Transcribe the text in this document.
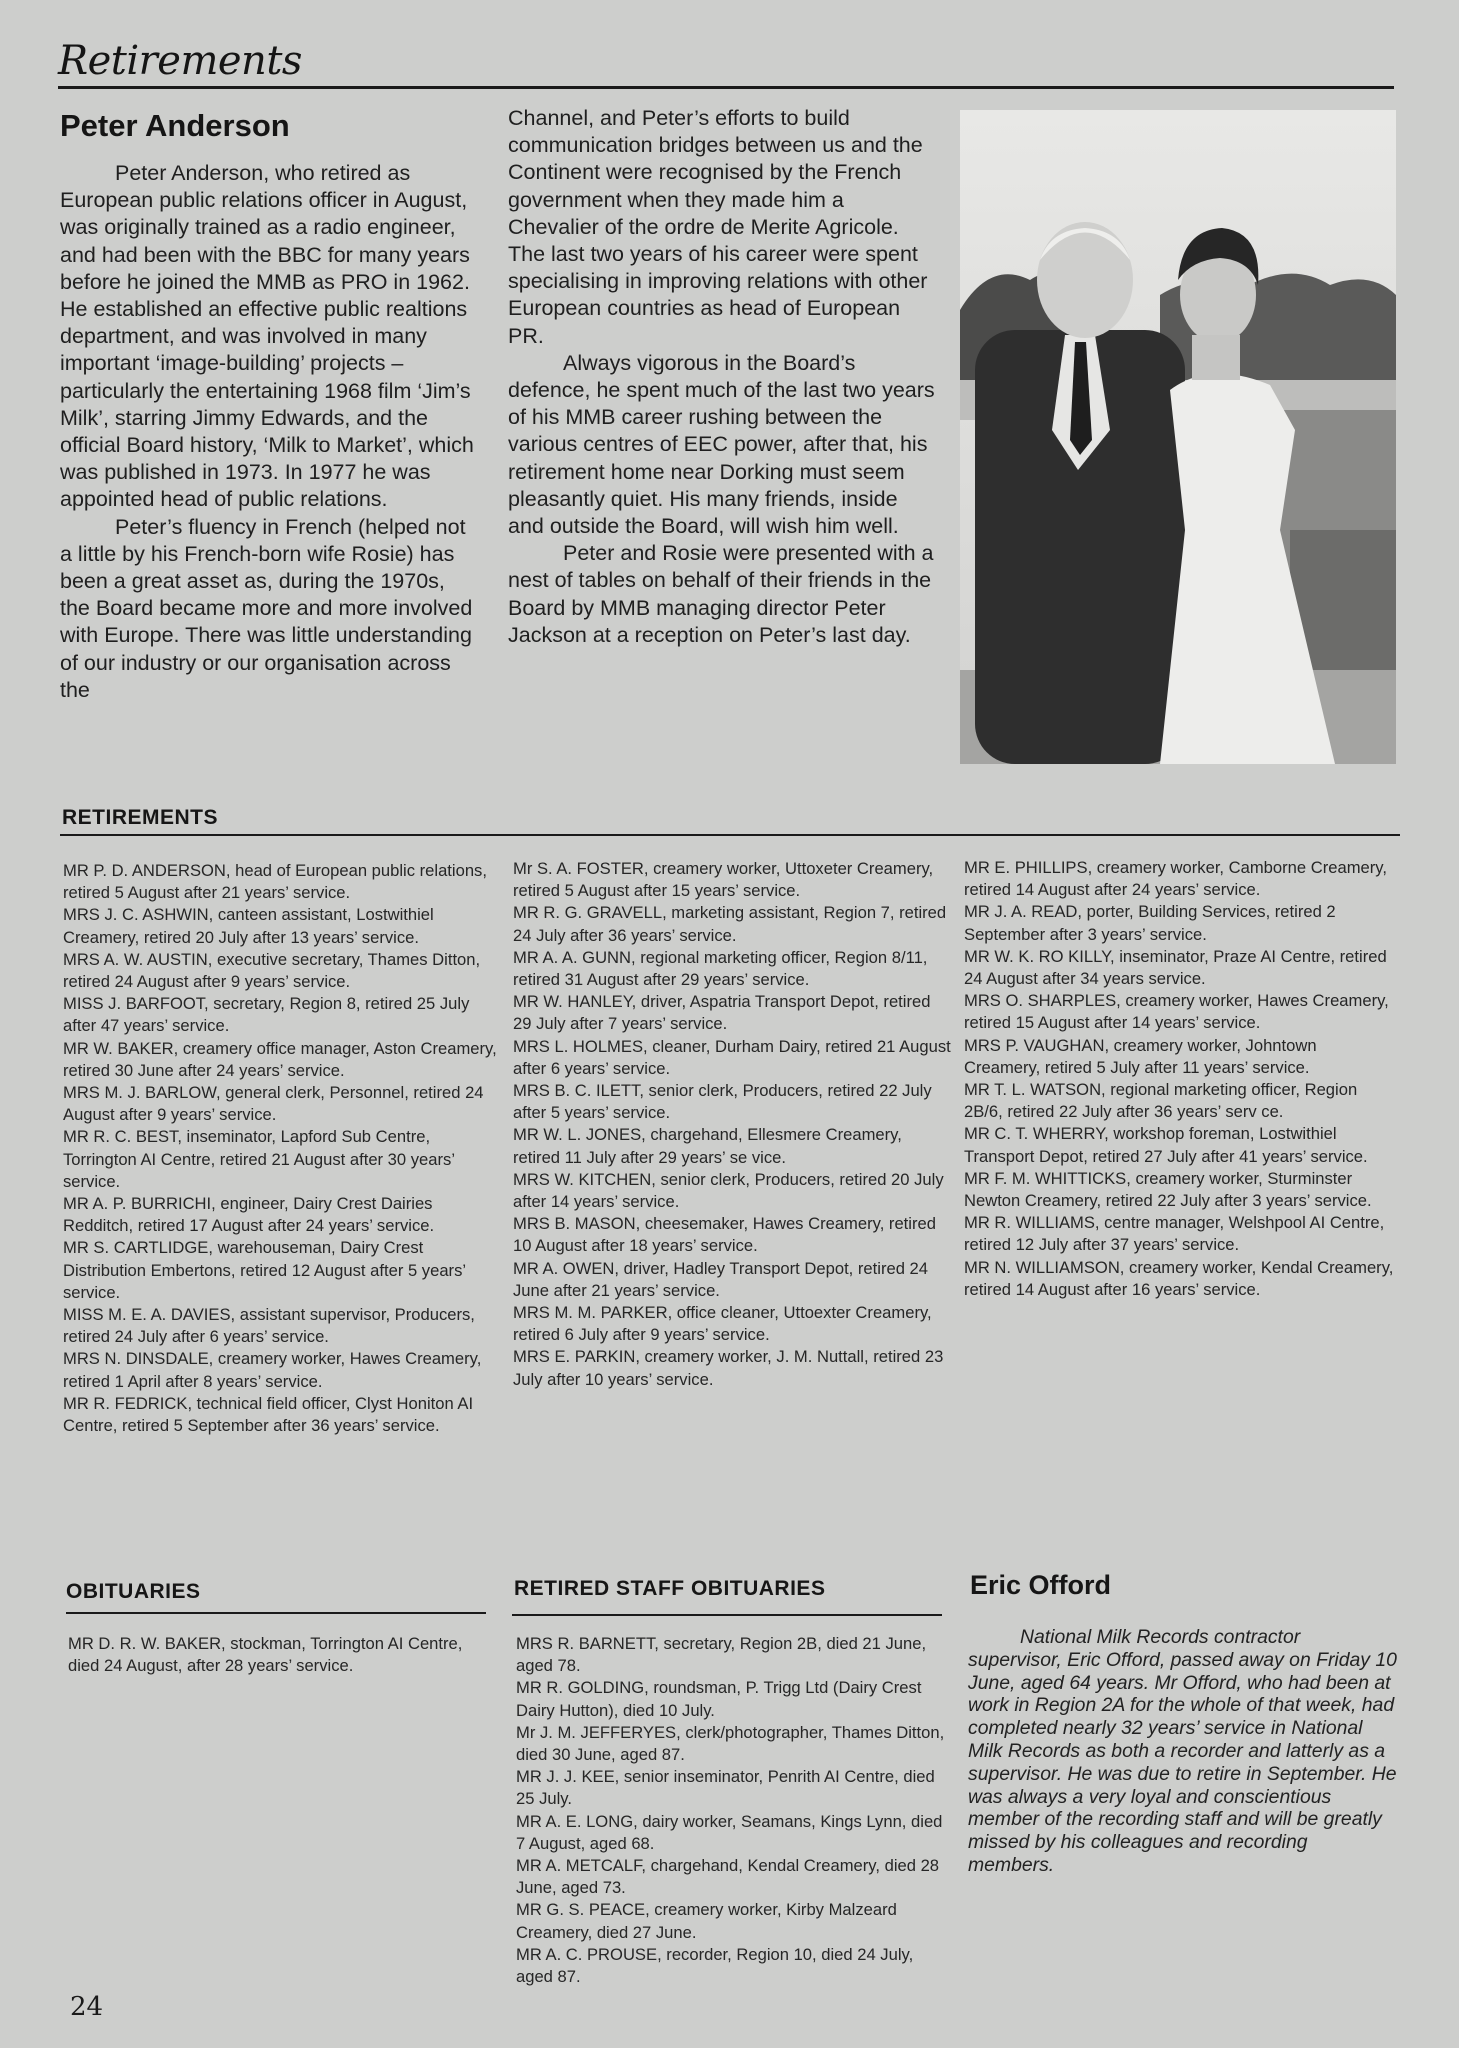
Retirements
Peter Anderson

Peter Anderson, who retired as European public relations officer in August, was originally trained as a radio engineer, and had been with the BBC for many years before he joined the MMB as PRO in 1962. He established an effective public realtions department, and was involved in many important ‘image-building’ projects – particularly the entertaining 1968 film ‘Jim’s Milk’, starring Jimmy Edwards, and the official Board history, ‘Milk to Market’, which was published in 1973. In 1977 he was appointed head of public relations.

Peter’s fluency in French (helped not a little by his French-born wife Rosie) has been a great asset as, during the 1970s, the Board became more and more involved with Europe. There was little understanding of our industry or our organisation across the

Channel, and Peter’s efforts to build communication bridges between us and the Continent were recognised by the French government when they made him a Chevalier of the ordre de Merite Agricole. The last two years of his career were spent specialising in improving relations with other European countries as head of European PR.

Always vigorous in the Board’s defence, he spent much of the last two years of his MMB career rushing between the various centres of EEC power, after that, his retirement home near Dorking must seem pleasantly quiet. His many friends, inside and outside the Board, will wish him well.

Peter and Rosie were presented with a nest of tables on behalf of their friends in the Board by MMB managing director Peter Jackson at a reception on Peter’s last day.

RETIREMENTS
MR P. D. ANDERSON, head of European public relations, retired 5 August after 21 years’ service.
MRS J. C. ASHWIN, canteen assistant, Lostwithiel Creamery, retired 20 July after 13 years’ service.
MRS A. W. AUSTIN, executive secretary, Thames Ditton, retired 24 August after 9 years’ service.
MISS J. BARFOOT, secretary, Region 8, retired 25 July after 47 years’ service.
MR W. BAKER, creamery office manager, Aston Creamery, retired 30 June after 24 years’ service.
MRS M. J. BARLOW, general clerk, Personnel, retired 24 August after 9 years’ service.
MR R. C. BEST, inseminator, Lapford Sub Centre, Torrington AI Centre, retired 21 August after 30 years’ service.
MR A. P. BURRICHI, engineer, Dairy Crest Dairies Redditch, retired 17 August after 24 years’ service.
MR S. CARTLIDGE, warehouseman, Dairy Crest Distribution Embertons, retired 12 August after 5 years’ service.
MISS M. E. A. DAVIES, assistant supervisor, Producers, retired 24 July after 6 years’ service.
MRS N. DINSDALE, creamery worker, Hawes Creamery, retired 1 April after 8 years’ service.
MR R. FEDRICK, technical field officer, Clyst Honiton AI Centre, retired 5 September after 36 years’ service.
Mr S. A. FOSTER, creamery worker, Uttoxeter Creamery, retired 5 August after 15 years’ service.
MR R. G. GRAVELL, marketing assistant, Region 7, retired 24 July after 36 years’ service.
MR A. A. GUNN, regional marketing officer, Region 8/11, retired 31 August after 29 years’ service.
MR W. HANLEY, driver, Aspatria Transport Depot, retired 29 July after 7 years’ service.
MRS L. HOLMES, cleaner, Durham Dairy, retired 21 August after 6 years’ service.
MRS B. C. ILETT, senior clerk, Producers, retired 22 July after 5 years’ service.
MR W. L. JONES, chargehand, Ellesmere Creamery, retired 11 July after 29 years’ se vice.
MRS W. KITCHEN, senior clerk, Producers, retired 20 July after 14 years’ service.
MRS B. MASON, cheesemaker, Hawes Creamery, retired 10 August after 18 years’ service.
MR A. OWEN, driver, Hadley Transport Depot, retired 24 June after 21 years’ service.
MRS M. M. PARKER, office cleaner, Uttoexter Creamery, retired 6 July after 9 years’ service.
MRS E. PARKIN, creamery worker, J. M. Nuttall, retired 23 July after 10 years’ service.
MR E. PHILLIPS, creamery worker, Camborne Creamery, retired 14 August after 24 years’ service.
MR J. A. READ, porter, Building Services, retired 2 September after 3 years’ service.
MR W. K. RO KILLY, inseminator, Praze AI Centre, retired 24 August after 34 years service.
MRS O. SHARPLES, creamery worker, Hawes Creamery, retired 15 August after 14 years’ service.
MRS P. VAUGHAN, creamery worker, Johntown Creamery, retired 5 July after 11 years’ service.
MR T. L. WATSON, regional marketing officer, Region 2B/6, retired 22 July after 36 years’ serv ce.
MR C. T. WHERRY, workshop foreman, Lostwithiel Transport Depot, retired 27 July after 41 years’ service.
MR F. M. WHITTICKS, creamery worker, Sturminster Newton Creamery, retired 22 July after 3 years’ service.
MR R. WILLIAMS, centre manager, Welshpool AI Centre, retired 12 July after 37 years’ service.
MR N. WILLIAMSON, creamery worker, Kendal Creamery, retired 14 August after 16 years’ service.
OBITUARIES
MR D. R. W. BAKER, stockman, Torrington AI Centre, died 24 August, after 28 years’ service.
RETIRED STAFF OBITUARIES
MRS R. BARNETT, secretary, Region 2B, died 21 June, aged 78.
MR R. GOLDING, roundsman, P. Trigg Ltd (Dairy Crest Dairy Hutton), died 10 July.
Mr J. M. JEFFERYES, clerk/photographer, Thames Ditton, died 30 June, aged 87.
MR J. J. KEE, senior inseminator, Penrith AI Centre, died 25 July.
MR A. E. LONG, dairy worker, Seamans, Kings Lynn, died 7 August, aged 68.
MR A. METCALF, chargehand, Kendal Creamery, died 28 June, aged 73.
MR G. S. PEACE, creamery worker, Kirby Malzeard Creamery, died 27 June.
MR A. C. PROUSE, recorder, Region 10, died 24 July, aged 87.
Eric Offord

National Milk Records contractor supervisor, Eric Offord, passed away on Friday 10 June, aged 64 years. Mr Offord, who had been at work in Region 2A for the whole of that week, had completed nearly 32 years’ service in National Milk Records as both a recorder and latterly as a supervisor. He was due to retire in September. He was always a very loyal and conscientious member of the recording staff and will be greatly missed by his colleagues and recording members.

24
